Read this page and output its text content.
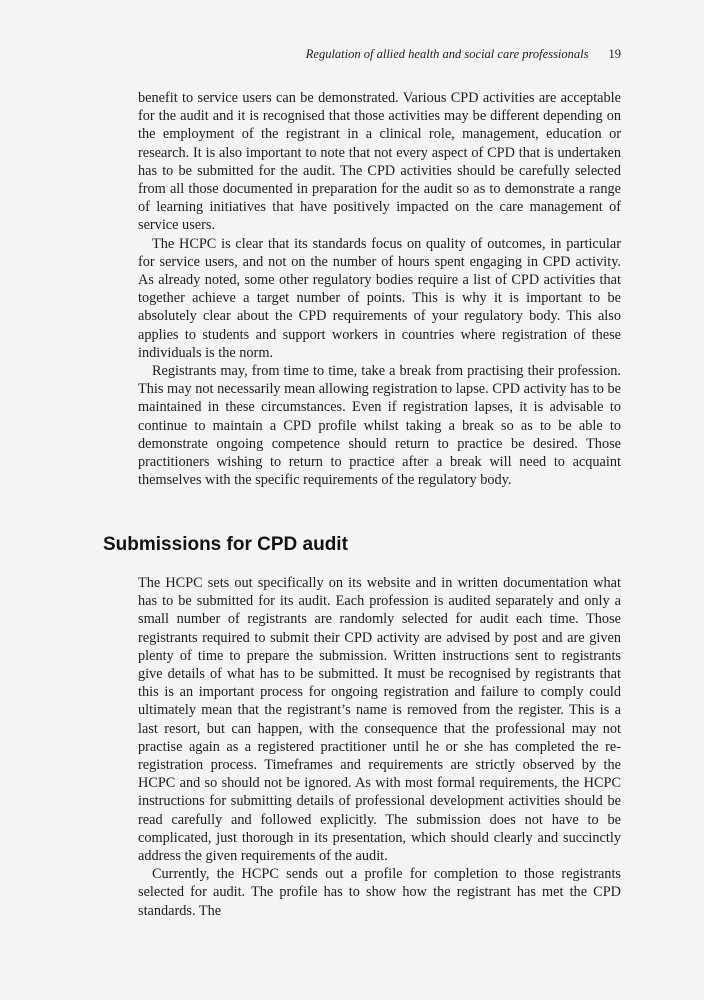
Regulation of allied health and social care professionals 19

benefit to service users can be demonstrated. Various CPD activities are acceptable for the audit and it is recognised that those activities may be different depending on the employment of the registrant in a clinical role, management, education or research. It is also important to note that not every aspect of CPD that is undertaken has to be submitted for the audit. The CPD activities should be carefully selected from all those documented in preparation for the audit so as to demonstrate a range of learning initiatives that have positively impacted on the care management of service users.

The HCPC is clear that its standards focus on quality of outcomes, in particular for service users, and not on the number of hours spent engaging in CPD activity. As already noted, some other regulatory bodies require a list of CPD activities that together achieve a target number of points. This is why it is important to be absolutely clear about the CPD requirements of your regulatory body. This also applies to students and support workers in countries where registration of these individuals is the norm.

Registrants may, from time to time, take a break from practising their profession. This may not necessarily mean allowing registration to lapse. CPD activity has to be maintained in these circumstances. Even if registration lapses, it is advisable to continue to maintain a CPD profile whilst taking a break so as to be able to demonstrate ongoing competence should return to practice be desired. Those practitioners wishing to return to practice after a break will need to acquaint themselves with the specific requirements of the regulatory body.

Submissions for CPD audit

The HCPC sets out specifically on its website and in written documentation what has to be submitted for its audit. Each profession is audited separately and only a small number of registrants are randomly selected for audit each time. Those registrants required to submit their CPD activity are advised by post and are given plenty of time to prepare the submission. Written instructions sent to registrants give details of what has to be submitted. It must be recognised by registrants that this is an important process for ongoing registration and failure to comply could ultimately mean that the registrant’s name is removed from the register. This is a last resort, but can happen, with the consequence that the professional may not practise again as a registered practitioner until he or she has completed the re-registration process. Timeframes and requirements are strictly observed by the HCPC and so should not be ignored. As with most formal requirements, the HCPC instructions for submitting details of professional development activities should be read carefully and followed explicitly. The submission does not have to be complicated, just thorough in its presentation, which should clearly and succinctly address the given requirements of the audit.

Currently, the HCPC sends out a profile for completion to those registrants selected for audit. The profile has to show how the registrant has met the CPD standards. The
